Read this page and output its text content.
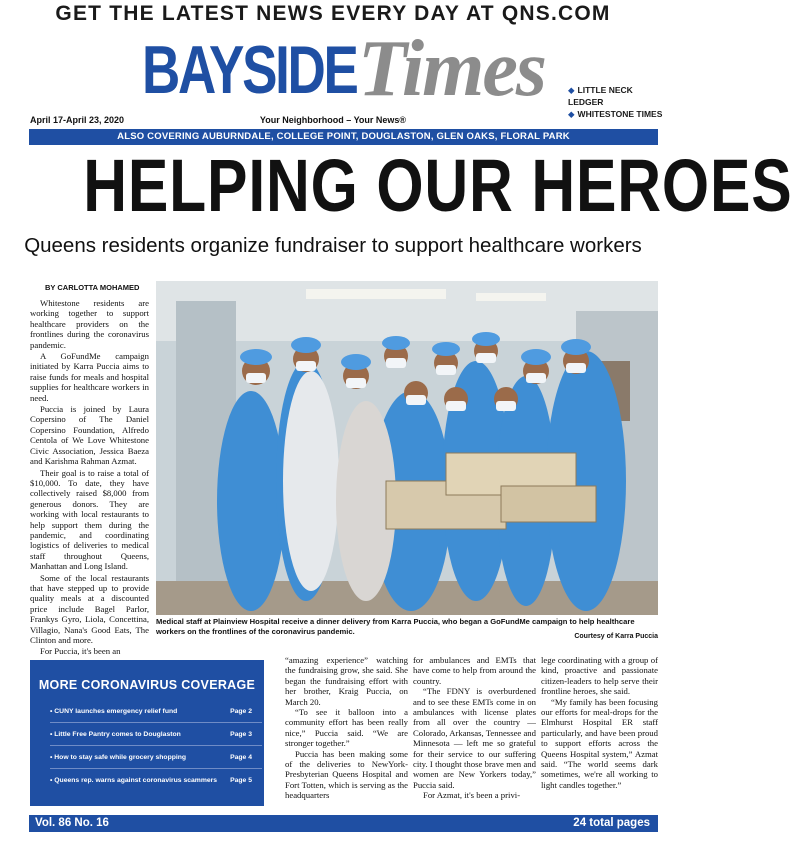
GET THE LATEST NEWS EVERY DAY AT QNS.COM
BAYSIDE Times	◆ LITTLE NECK LEDGER
◆ WHITESTONE TIMES
April 17-April 23, 2020	Your Neighborhood – Your News®
ALSO COVERING AUBURNDALE, COLLEGE POINT, DOUGLASTON, GLEN OAKS, FLORAL PARK
HELPING OUR HEROES
Queens residents organize fundraiser to support healthcare workers
BY CARLOTTA MOHAMED

Whitestone residents are working together to support healthcare providers on the frontlines during the coronavirus pandemic.

A GoFundMe campaign initiated by Karra Puccia aims to raise funds for meals and hospital supplies for healthcare workers in need.

Puccia is joined by Laura Copersino of The Daniel Copersino Foundation, Alfredo Centola of We Love Whitestone Civic Association, Jessica Baeza and Karishma Rahman Azmat.

Their goal is to raise a total of $10,000. To date, they have collectively raised $8,000 from generous donors. They are working with local restaurants to help support them during the pandemic, and coordinating logistics of deliveries to medical staff throughout Queens, Manhattan and Long Island.

Some of the local restaurants that have stepped up to provide quality meals at a discounted price include Bagel Parlor, Frankys Gyro, Liola, Concettina, Villagio, Nana's Good Eats, The Clinton and more.

For Puccia, it's been an

Medical staff at Plainview Hospital receive a dinner delivery from Karra Puccia, who began a GoFundMe campaign to help healthcare workers on the frontlines of the coronavirus pandemic.
Courtesy of Karra Puccia
MORE CORONAVIRUS COVERAGE
• CUNY launches emergency relief fund	Page 2
• Little Free Pantry comes to Douglaston	Page 3
• How to stay safe while grocery shopping	Page 4
• Queens rep. warns against coronavirus scammers Page 5

“amazing experience” watching the fundraising grow, she said. She began the fundraising effort with her brother, Kraig Puccia, on March 20.

“To see it balloon into a community effort has been really nice,” Puccia said. “We are stronger together.”

Puccia has been making some of the deliveries to NewYork-Presbyterian Queens Hospital and Fort Totten, which is serving as the headquarters

for ambulances and EMTs that have come to help from around the country.

“The FDNY is overburdened and to see these EMTs come in on ambulances with license plates from all over the country — Colorado, Arkansas, Tennessee and Minnesota — left me so grateful for their service to our suffering city. I thought those brave men and women are New Yorkers today,” Puccia said.

For Azmat, it's been a privi-

lege coordinating with a group of kind, proactive and passionate citizen-leaders to help serve their frontline heroes, she said.

“My family has been focusing our efforts for meal-drops for the Elmhurst Hospital ER staff particularly, and have been proud to support efforts across the Queens Hospital system,” Azmat said. “The world seems dark sometimes, we're all working to light candles together.”

Vol. 86 No. 16	24 total pages
